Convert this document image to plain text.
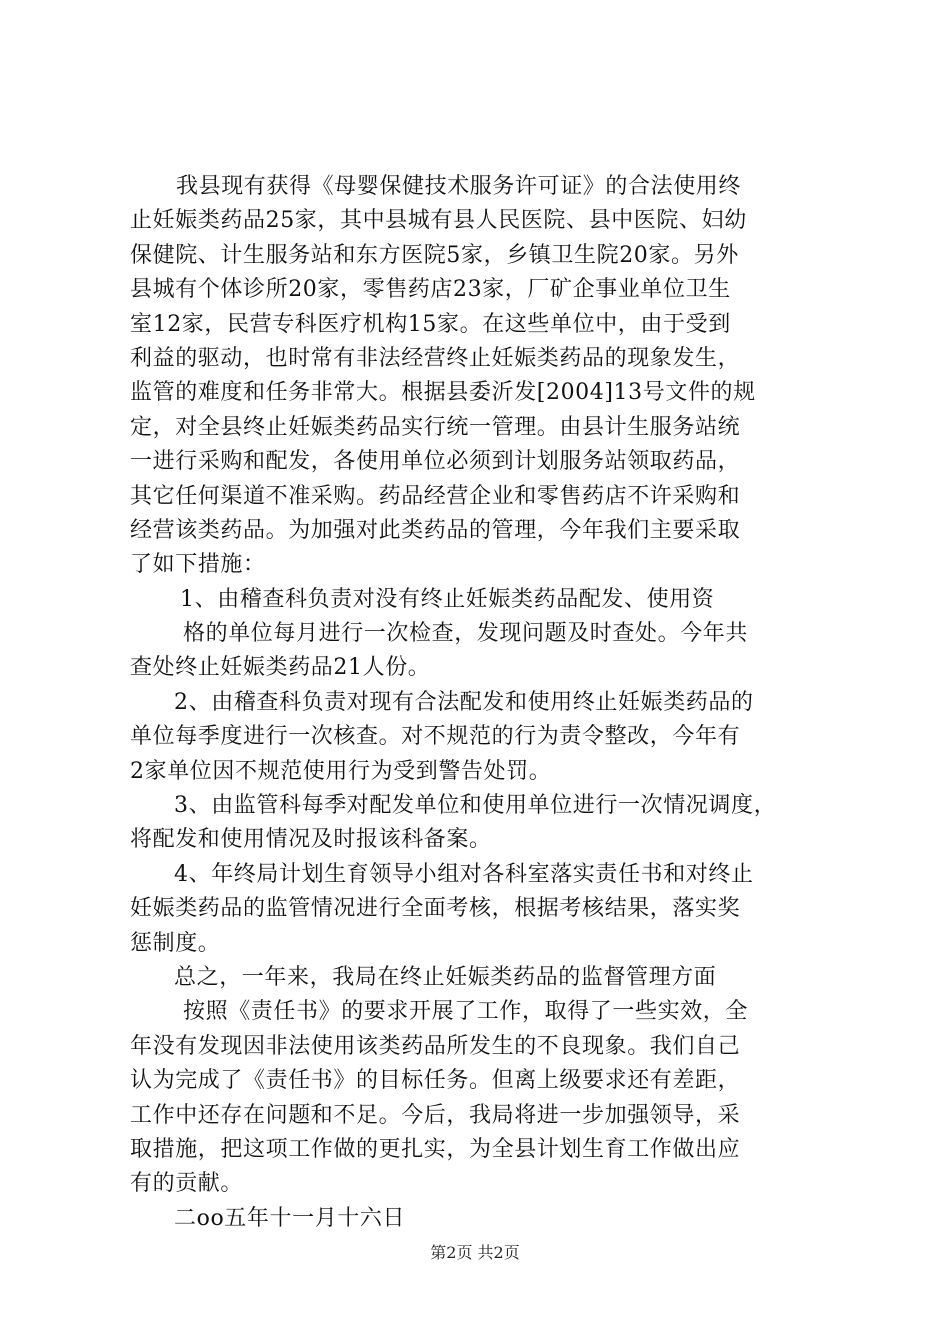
我县现有获得《母婴保健技术服务许可证》的合法使用终
止妊娠类药品25家，其中县城有县人民医院、县中医院、妇幼
保健院、计生服务站和东方医院5家，乡镇卫生院20家。另外
县城有个体诊所20家，零售药店23家，厂矿企事业单位卫生
室12家，民营专科医疗机构15家。在这些单位中，由于受到
利益的驱动，也时常有非法经营终止妊娠类药品的现象发生，
监管的难度和任务非常大。根据县委沂发[2004]13号文件的规
定，对全县终止妊娠类药品实行统一管理。由县计生服务站统
一进行采购和配发，各使用单位必须到计划服务站领取药品，
其它任何渠道不准采购。药品经营企业和零售药店不许采购和
经营该类药品。为加强对此类药品的管理，今年我们主要采取
了如下措施：
1、由稽查科负责对没有终止妊娠类药品配发、使用资
格的单位每月进行一次检查，发现问题及时查处。今年共
查处终止妊娠类药品21人份。
2、由稽查科负责对现有合法配发和使用终止妊娠类药品的
单位每季度进行一次核查。对不规范的行为责令整改，今年有
2家单位因不规范使用行为受到警告处罚。
3、由监管科每季对配发单位和使用单位进行一次情况调度，
将配发和使用情况及时报该科备案。
4、年终局计划生育领导小组对各科室落实责任书和对终止
妊娠类药品的监管情况进行全面考核，根据考核结果，落实奖
惩制度。
总之，一年来，我局在终止妊娠类药品的监督管理方面
按照《责任书》的要求开展了工作，取得了一些实效，全
年没有发现因非法使用该类药品所发生的不良现象。我们自己
认为完成了《责任书》的目标任务。但离上级要求还有差距，
工作中还存在问题和不足。今后，我局将进一步加强领导，采
取措施，把这项工作做的更扎实，为全县计划生育工作做出应
有的贡献。
二oo五年十一月十六日
第2页 共2页
